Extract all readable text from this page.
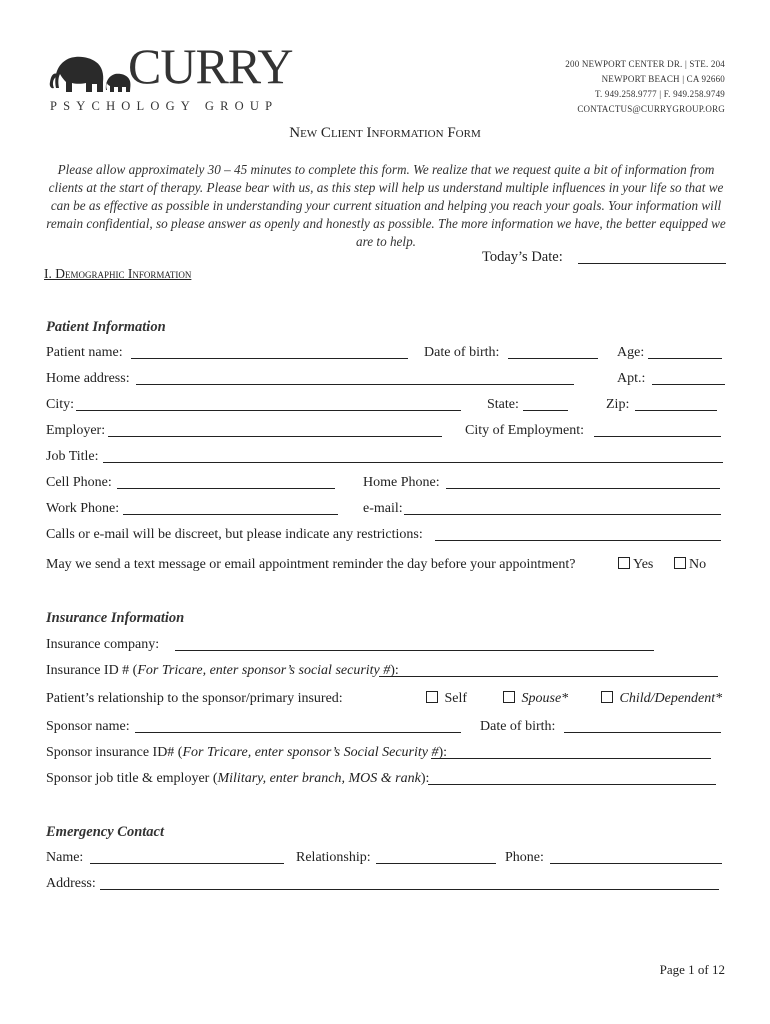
CURRY
PSYCHOLOGY GROUP
200 NEWPORT CENTER DR. | STE. 204
NEWPORT BEACH | CA 92660
T. 949.258.9777 | F. 949.258.9749
CONTACTUS@CURRYGROUP.ORG
New Client Information Form
Please allow approximately 30 – 45 minutes to complete this form. We realize that we request quite a bit of information from clients at the start of therapy. Please bear with us, as this step will help us understand multiple influences in your life so that we can be as effective as possible in understanding your current situation and helping you reach your goals. Your information will remain confidential, so please answer as openly and honestly as possible. The more information we have, the better equipped we are to help.
Today’s Date:
I. Demographic Information
Patient Information
Patient name:	Date of birth:	Age:
Home address:	Apt.:
City:	State:	Zip:
Employer:	City of Employment:
Job Title:
Cell Phone:	Home Phone:
Work Phone:	e-mail:
Calls or e-mail will be discreet, but please indicate any restrictions:
May we send a text message or email appointment reminder the day before your appointment?	Yes	No
Insurance Information
Insurance company:
Insurance ID # (For Tricare, enter sponsor’s social security #):
Patient’s relationship to the sponsor/primary insured:	Self	Spouse*	Child/Dependent*
Sponsor name:	Date of birth:
Sponsor insurance ID# (For Tricare, enter sponsor’s Social Security #):
Sponsor job title & employer (Military, enter branch, MOS & rank):
Emergency Contact
Name:	Relationship:	Phone:
Address:
Page 1 of 12
